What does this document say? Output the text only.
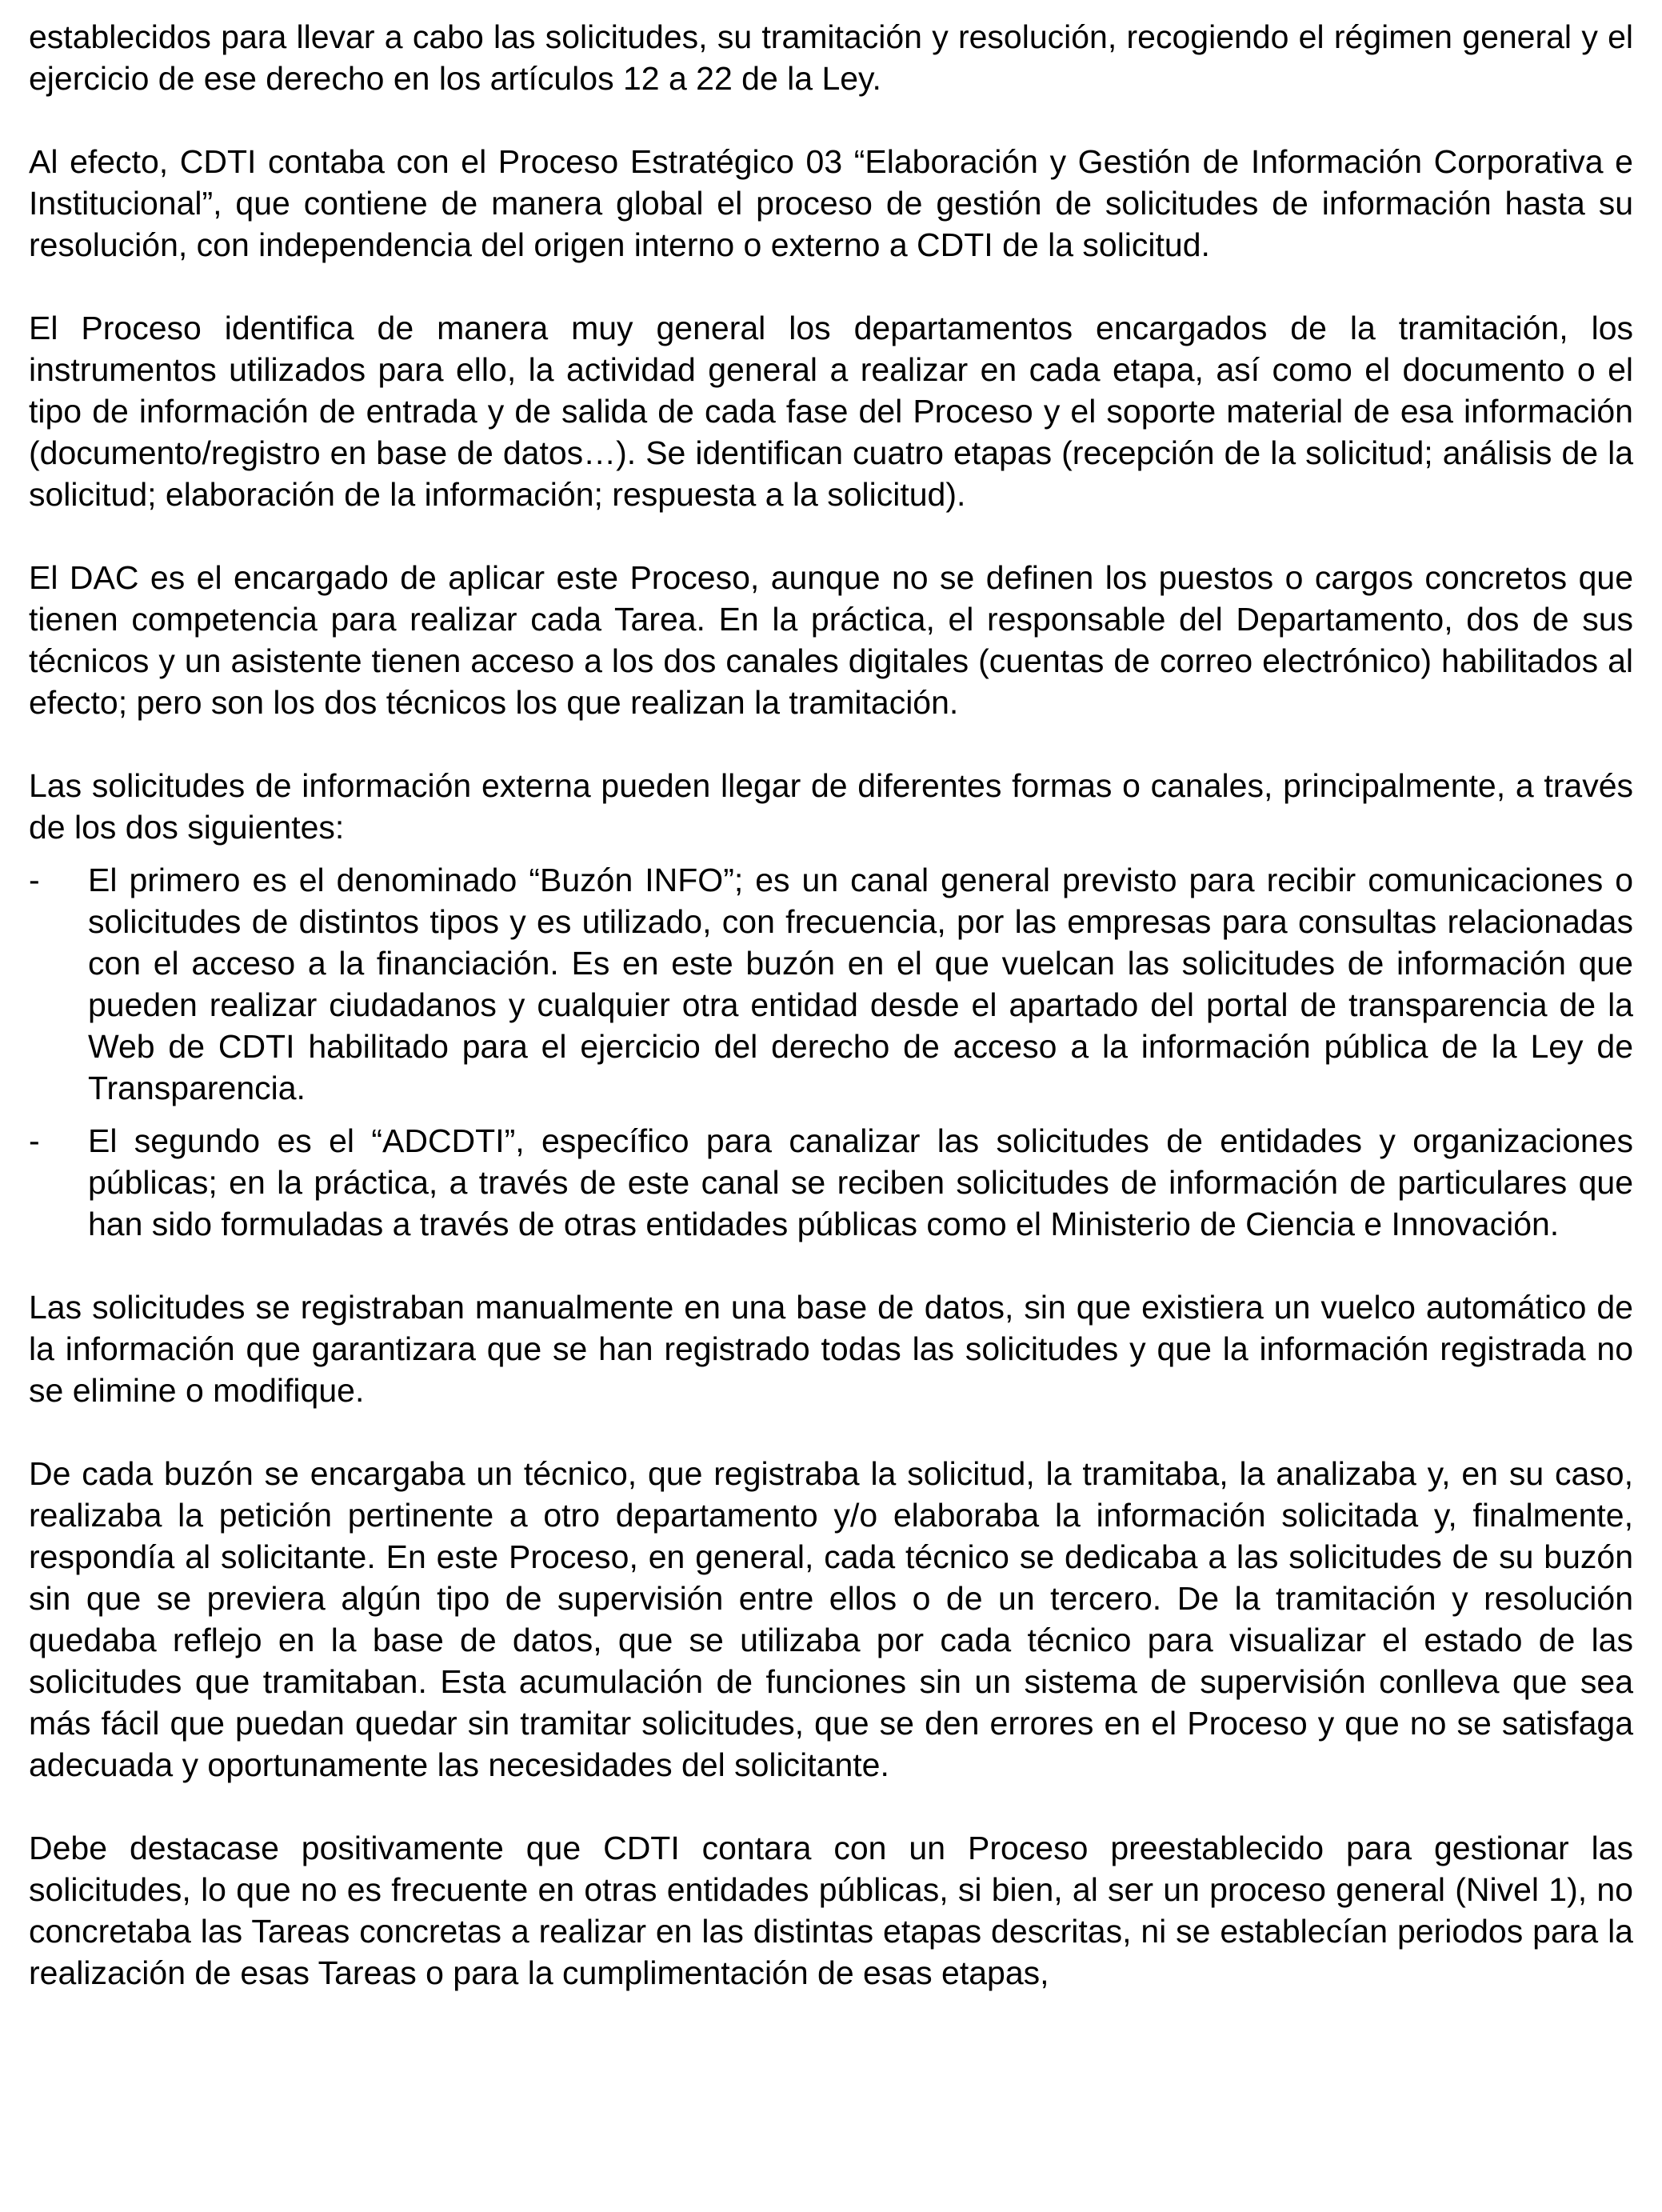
establecidos para llevar a cabo las solicitudes, su tramitación y resolución, recogiendo el régimen general y el ejercicio de ese derecho en los artículos 12 a 22 de la Ley.

Al efecto, CDTI contaba con el Proceso Estratégico 03 “Elaboración y Gestión de Información Corporativa e Institucional”, que contiene de manera global el proceso de gestión de solicitudes de información hasta su resolución, con independencia del origen interno o externo a CDTI de la solicitud.

El Proceso identifica de manera muy general los departamentos encargados de la tramitación, los instrumentos utilizados para ello, la actividad general a realizar en cada etapa, así como el documento o el tipo de información de entrada y de salida de cada fase del Proceso y el soporte material de esa información (documento/registro en base de datos…). Se identifican cuatro etapas (recepción de la solicitud; análisis de la solicitud; elaboración de la información; respuesta a la solicitud).

El DAC es el encargado de aplicar este Proceso, aunque no se definen los puestos o cargos concretos que tienen competencia para realizar cada Tarea. En la práctica, el responsable del Departamento, dos de sus técnicos y un asistente tienen acceso a los dos canales digitales (cuentas de correo electrónico) habilitados al efecto; pero son los dos técnicos los que realizan la tramitación.

Las solicitudes de información externa pueden llegar de diferentes formas o canales, principalmente, a través de los dos siguientes:

-	El primero es el denominado “Buzón INFO”; es un canal general previsto para recibir comunicaciones o solicitudes de distintos tipos y es utilizado, con frecuencia, por las empresas para consultas relacionadas con el acceso a la financiación. Es en este buzón en el que vuelcan las solicitudes de información que pueden realizar ciudadanos y cualquier otra entidad desde el apartado del portal de transparencia de la Web de CDTI habilitado para el ejercicio del derecho de acceso a la información pública de la Ley de Transparencia.
-	El segundo es el “ADCDTI”, específico para canalizar las solicitudes de entidades y organizaciones públicas; en la práctica, a través de este canal se reciben solicitudes de información de particulares que han sido formuladas a través de otras entidades públicas como el Ministerio de Ciencia e Innovación.

Las solicitudes se registraban manualmente en una base de datos, sin que existiera un vuelco automático de la información que garantizara que se han registrado todas las solicitudes y que la información registrada no se elimine o modifique.

De cada buzón se encargaba un técnico, que registraba la solicitud, la tramitaba, la analizaba y, en su caso, realizaba la petición pertinente a otro departamento y/o elaboraba la información solicitada y, finalmente, respondía al solicitante. En este Proceso, en general, cada técnico se dedicaba a las solicitudes de su buzón sin que se previera algún tipo de supervisión entre ellos o de un tercero. De la tramitación y resolución quedaba reflejo en la base de datos, que se utilizaba por cada técnico para visualizar el estado de las solicitudes que tramitaban. Esta acumulación de funciones sin un sistema de supervisión conlleva que sea más fácil que puedan quedar sin tramitar solicitudes, que se den errores en el Proceso y que no se satisfaga adecuada y oportunamente las necesidades del solicitante.

Debe destacase positivamente que CDTI contara con un Proceso preestablecido para gestionar las solicitudes, lo que no es frecuente en otras entidades públicas, si bien, al ser un proceso general (Nivel 1), no concretaba las Tareas concretas a realizar en las distintas etapas descritas, ni se establecían periodos para la realización de esas Tareas o para la cumplimentación de esas etapas,
